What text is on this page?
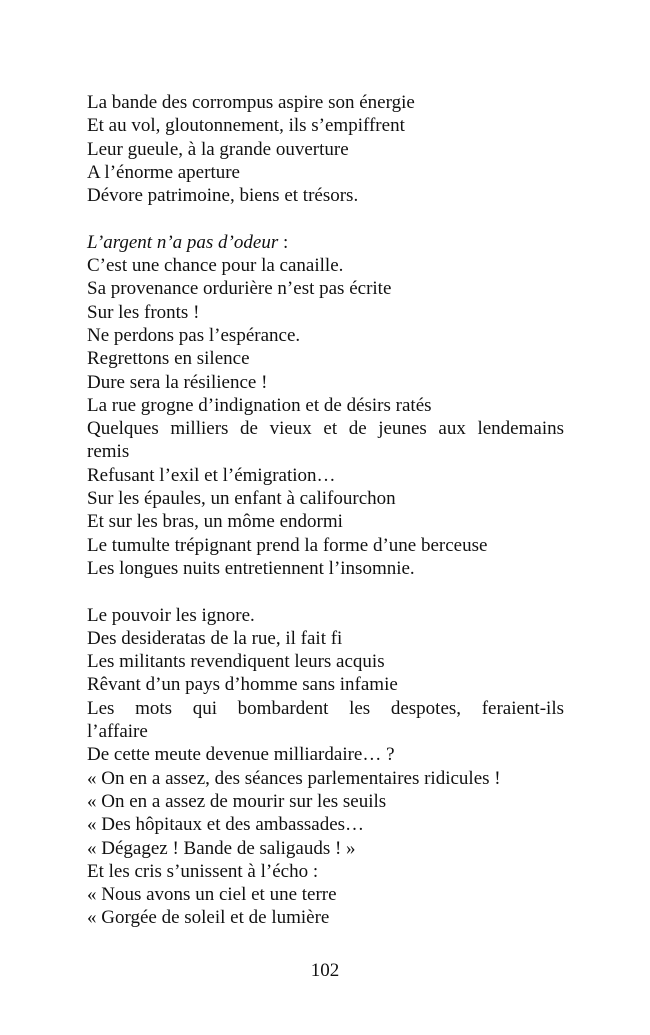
La bande des corrompus aspire son énergie
Et au vol, gloutonnement, ils s’empiffrent
Leur gueule, à la grande ouverture
A l’énorme aperture
Dévore patrimoine, biens et trésors.
L’argent n’a pas d’odeur :
C’est une chance pour la canaille.
Sa provenance ordurière n’est pas écrite
Sur les fronts !
Ne perdons pas l’espérance.
Regrettons en silence
Dure sera la résilience !
La rue grogne d’indignation et de désirs ratés
Quelques milliers de vieux et de jeunes aux lendemains
remis
Refusant l’exil et l’émigration…
Sur les épaules, un enfant à califourchon
Et sur les bras, un môme endormi
Le tumulte trépignant prend la forme d’une berceuse
Les longues nuits entretiennent l’insomnie.
Le pouvoir les ignore.
Des desideratas de la rue, il fait fi
Les militants revendiquent leurs acquis
Rêvant d’un pays d’homme sans infamie
Les mots qui bombardent les despotes, feraient-ils
l’affaire
De cette meute devenue milliardaire… ?
« On en a assez, des séances parlementaires ridicules !
« On en a assez de mourir sur les seuils
« Des hôpitaux et des ambassades…
« Dégagez ! Bande de saligauds ! »
Et les cris s’unissent à l’écho :
« Nous avons un ciel et une terre
« Gorgée de soleil et de lumière
102
